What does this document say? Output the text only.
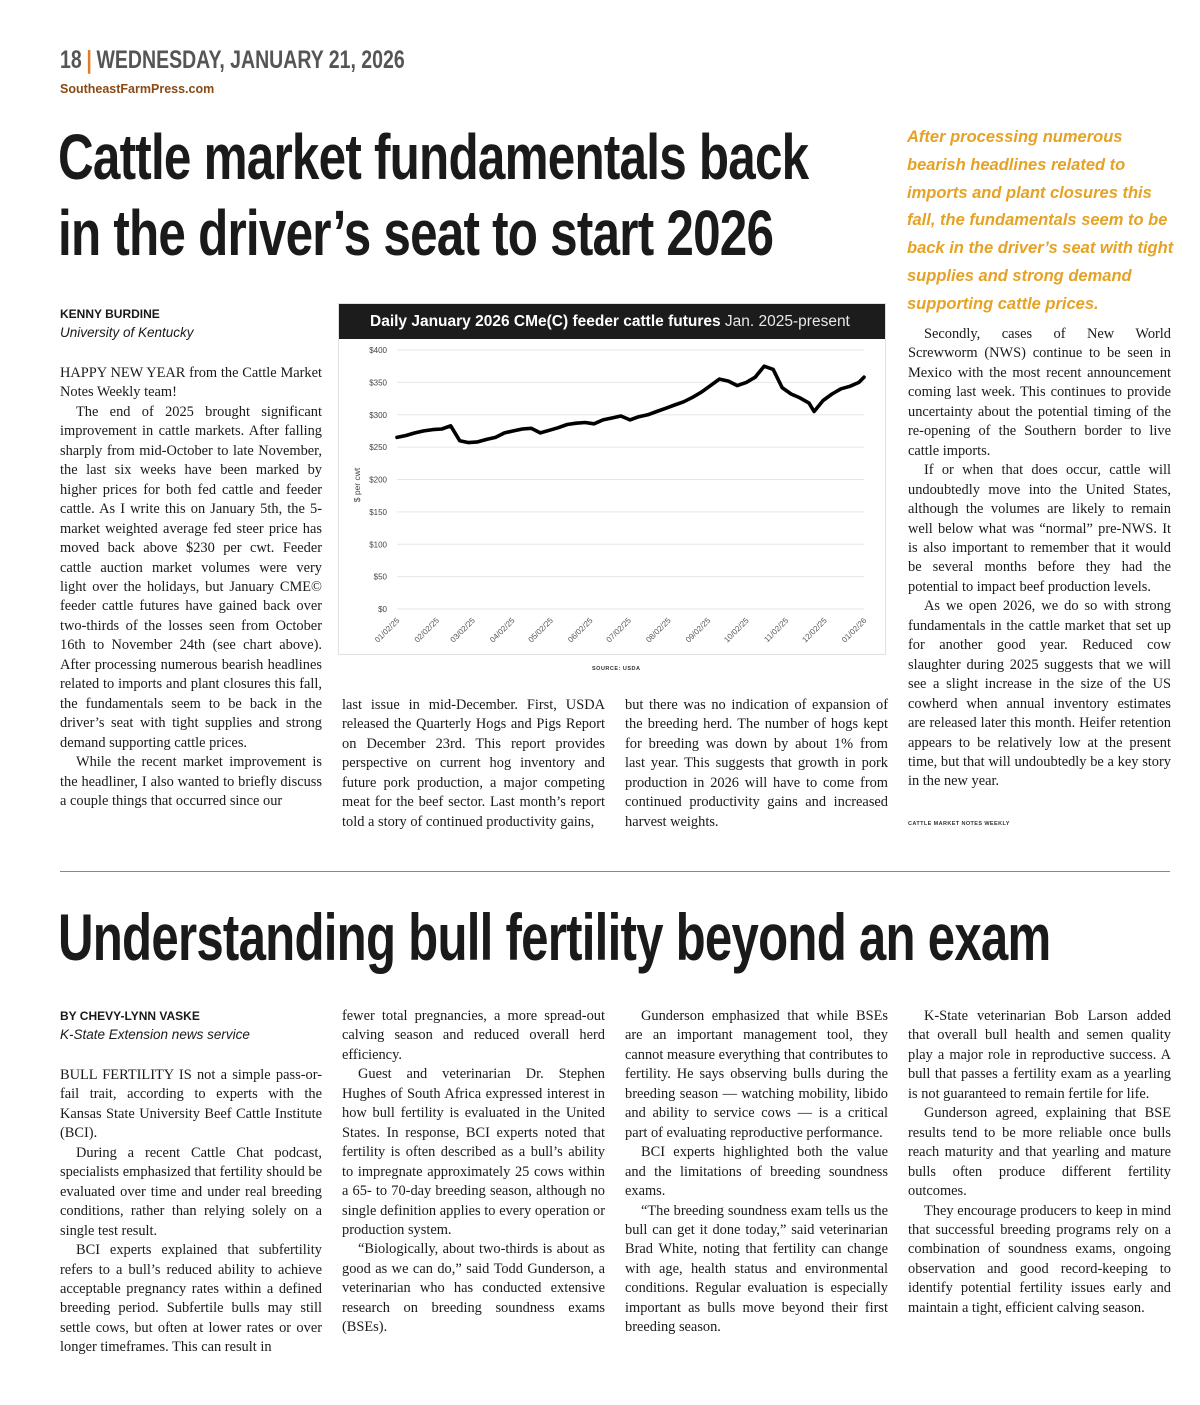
18 | WEDNESDAY, JANUARY 21, 2026
SoutheastFarmPress.com
Cattle market fundamentals back
in the driver’s seat to start 2026
After processing numerous bearish headlines related to imports and plant closures this fall, the fundamentals seem to be back in the driver’s seat with tight supplies and strong demand supporting cattle prices.
KENNY BURDINE
University of Kentucky

HAPPY NEW YEAR from the Cattle Market Notes Weekly team!

The end of 2025 brought significant improvement in cattle markets. After falling sharply from mid-October to late November, the last six weeks have been marked by higher prices for both fed cattle and feeder cattle. As I write this on January 5th, the 5-market weighted average fed steer price has moved back above $230 per cwt. Feeder cattle auction market volumes were very light over the holidays, but January CME© feeder cattle futures have gained back over two-thirds of the losses seen from October 16th to November 24th (see chart above). After processing numerous bearish headlines related to imports and plant closures this fall, the fundamentals seem to be back in the driver’s seat with tight supplies and strong demand supporting cattle prices.

While the recent market improvement is the headliner, I also wanted to briefly discuss a couple things that occurred since our

last issue in mid-December. First, USDA released the Quarterly Hogs and Pigs Report on December 23rd. This report provides perspective on current hog inventory and future pork production, a major competing meat for the beef sector. Last month’s report told a story of continued productivity gains,

but there was no indication of expansion of the breeding herd. The number of hogs kept for breeding was down by about 1% from last year. This suggests that growth in pork production in 2026 will have to come from continued productivity gains and increased harvest weights.

Secondly, cases of New World Screwworm (NWS) continue to be seen in Mexico with the most recent announcement coming last week. This continues to provide uncertainty about the potential timing of the re-opening of the Southern border to live cattle imports.

If or when that does occur, cattle will undoubtedly move into the United States, although the volumes are likely to remain well below what was “normal” pre-NWS. It is also important to remember that it would be several months before they had the potential to impact beef production levels.

As we open 2026, we do so with strong fundamentals in the cattle market that set up for another good year. Reduced cow slaughter during 2025 suggests that we will see a slight increase in the size of the US cowherd when annual inventory estimates are released later this month. Heifer retention appears to be relatively low at the present time, but that will undoubtedly be a key story in the new year.

CATTLE MARKET NOTES WEEKLY
Daily January 2026 CMe(C) feeder cattle futures Jan. 2025-present
$0
$50
$100
$150
$200
$250
$300
$350
$400
01/02/25 02/02/25 03/02/25 04/02/25 05/02/25 06/02/25 07/02/25 08/02/25 09/02/25 10/02/25 11/02/25 12/02/25 01/02/26
$ per cwt
SOURCE: USDA
Understanding bull fertility beyond an exam
BY CHEVY-LYNN VASKE
K-State Extension news service

BULL FERTILITY IS not a simple pass-or-fail trait, according to experts with the Kansas State University Beef Cattle Institute (BCI).

During a recent Cattle Chat podcast, specialists emphasized that fertility should be evaluated over time and under real breeding conditions, rather than relying solely on a single test result.

BCI experts explained that subfertility refers to a bull’s reduced ability to achieve acceptable pregnancy rates within a defined breeding period. Subfertile bulls may still settle cows, but often at lower rates or over longer timeframes. This can result in

fewer total pregnancies, a more spread-out calving season and reduced overall herd efficiency.

Guest and veterinarian Dr. Stephen Hughes of South Africa expressed interest in how bull fertility is evaluated in the United States. In response, BCI experts noted that fertility is often described as a bull’s ability to impregnate approximately 25 cows within a 65- to 70-day breeding season, although no single definition applies to every operation or production system.

“Biologically, about two-thirds is about as good as we can do,” said Todd Gunderson, a veterinarian who has conducted extensive research on breeding soundness exams (BSEs).

Gunderson emphasized that while BSEs are an important management tool, they cannot measure everything that contributes to fertility. He says observing bulls during the breeding season — watching mobility, libido and ability to service cows — is a critical part of evaluating reproductive performance.

BCI experts highlighted both the value and the limitations of breeding soundness exams.

“The breeding soundness exam tells us the bull can get it done today,” said veterinarian Brad White, noting that fertility can change with age, health status and environmental conditions. Regular evaluation is especially important as bulls move beyond their first breeding season.

K-State veterinarian Bob Larson added that overall bull health and semen quality play a major role in reproductive success. A bull that passes a fertility exam as a yearling is not guaranteed to remain fertile for life.

Gunderson agreed, explaining that BSE results tend to be more reliable once bulls reach maturity and that yearling and mature bulls often produce different fertility outcomes.

They encourage producers to keep in mind that successful breeding programs rely on a combination of soundness exams, ongoing observation and good record-keeping to identify potential fertility issues early and maintain a tight, efficient calving season.
